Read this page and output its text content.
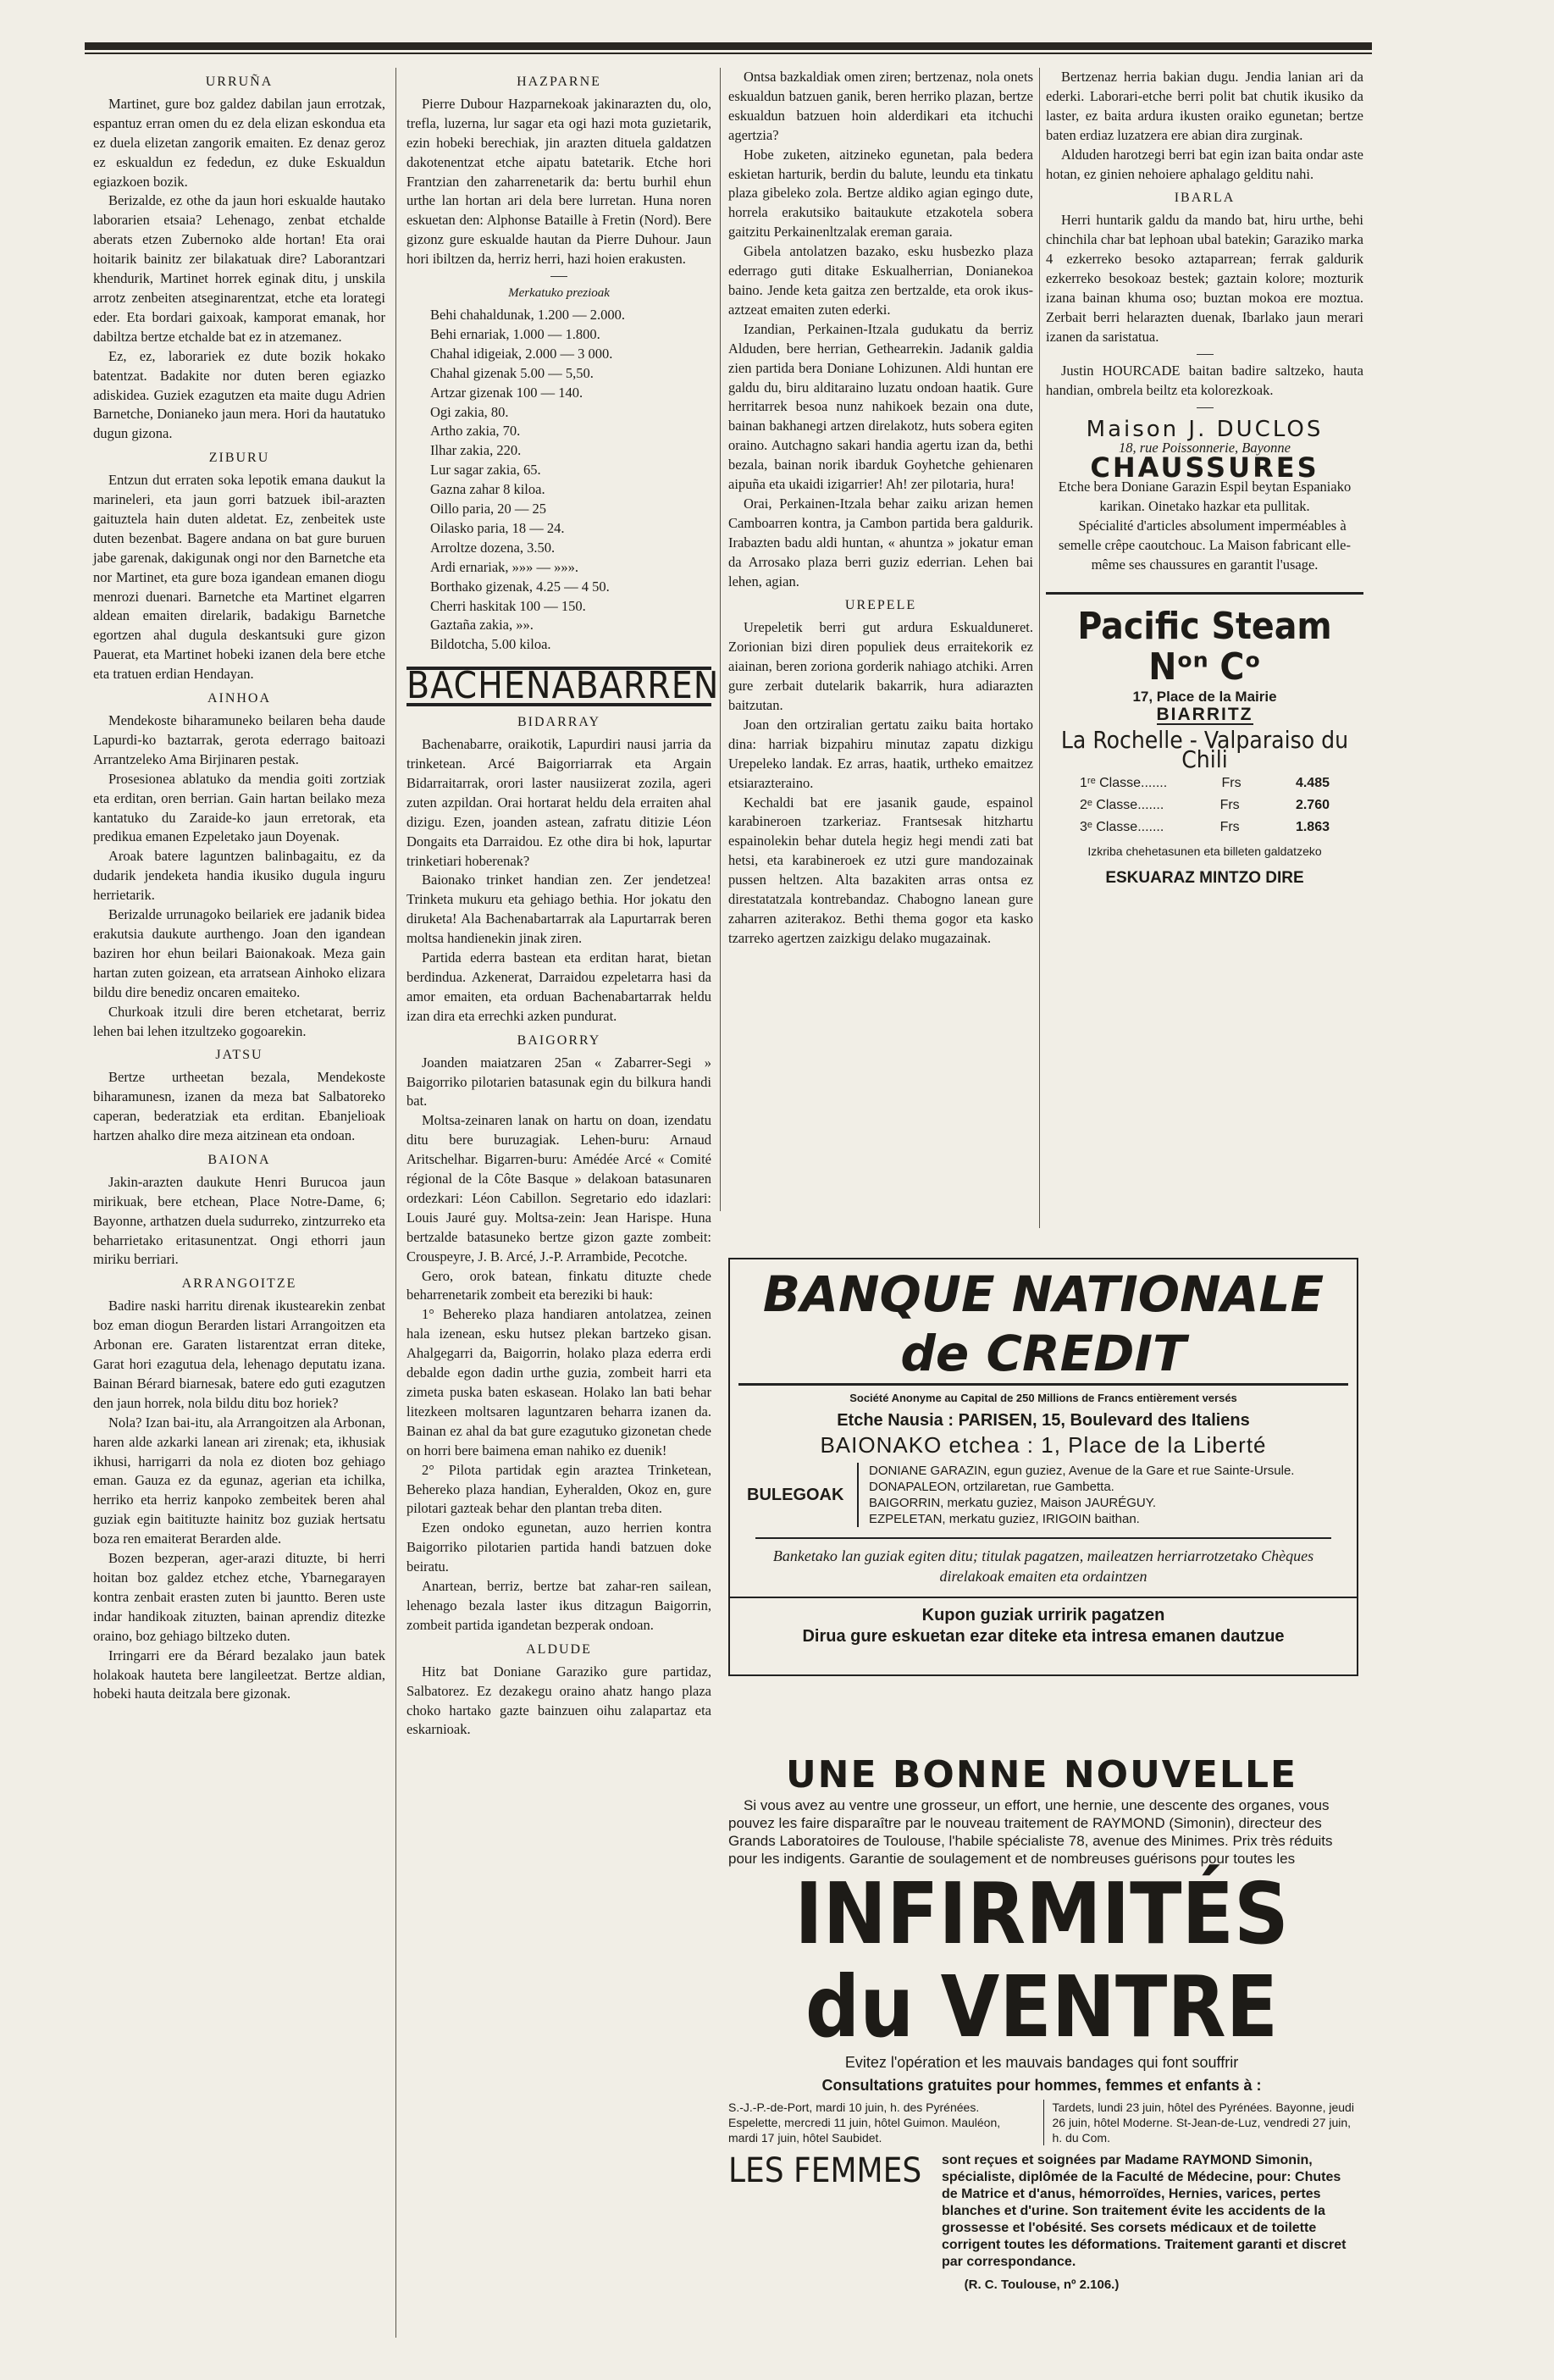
URRUÑA

Martinet, gure boz galdez dabilan jaun errotzak, espantuz erran omen du ez dela elizan eskondua eta ez duela elizetan zangorik emaiten. Ez denaz geroz ez eskualdun ez fededun, ez duke Eskualdun egiazkoen bozik.

Berizalde, ez othe da jaun hori eskualde hautako laborarien etsaia? Lehenago, zenbat etchalde aberats etzen Zubernoko alde hortan! Eta orai hoitarik bainitz zer bilakatuak dire? Laborantzari khendurik, Martinet horrek eginak ditu, j unskila arrotz zenbeiten atseginarentzat, etche eta lorategi eder. Eta bordari gaixoak, kamporat emanak, hor dabiltza bertze etchalde bat ez in atzemanez.

Ez, ez, laborariek ez dute bozik hokako batentzat. Badakite nor duten beren egiazko adiskidea. Guziek ezagutzen eta maite dugu Adrien Barnetche, Donianeko jaun mera. Hori da hautatuko dugun gizona.

ZIBURU

Entzun dut erraten soka lepotik emana daukut la marineleri, eta jaun gorri batzuek ibil-arazten gaituztela hain duten aldetat. Ez, zenbeitek uste duten bezenbat. Bagere andana on bat gure buruen jabe garenak, dakigunak ongi nor den Barnetche eta nor Martinet, eta gure boza igandean emanen diogu menrozi duenari. Barnetche eta Martinet elgarren aldean emaiten direlarik, badakigu Barnetche egortzen ahal dugula deskantsuki gure gizon Pauerat, eta Martinet hobeki izanen dela bere etche eta tratuen erdian Hendayan.

AINHOA

Mendekoste biharamuneko beilaren beha daude Lapurdi-ko baztarrak, gerota ederrago baitoazi Arrantzeleko Ama Birjinaren pestak.

Prosesionea ablatuko da mendia goiti zortziak eta erditan, oren berrian. Gain hartan beilako meza kantatuko du Zaraide-ko jaun erretorak, eta predikua emanen Ezpeletako jaun Doyenak.

Aroak batere laguntzen balinbagaitu, ez da dudarik jendeketa handia ikusiko dugula inguru herrietarik.

Berizalde urrunagoko beilariek ere jadanik bidea erakutsia daukute aurthengo. Joan den igandean baziren hor ehun beilari Baionakoak. Meza gain hartan zuten goizean, eta arratsean Ainhoko elizara bildu dire benediz oncaren emaiteko.

Churkoak itzuli dire beren etchetarat, berriz lehen bai lehen itzultzeko gogoarekin.

JATSU

Bertze urtheetan bezala, Mendekoste biharamunesn, izanen da meza bat Salbatoreko caperan, bederatziak eta erditan. Ebanjelioak hartzen ahalko dire meza aitzinean eta ondoan.

BAIONA

Jakin-arazten daukute Henri Burucoa jaun mirikuak, bere etchean, Place Notre-Dame, 6; Bayonne, arthatzen duela sudurreko, zintzurreko eta beharrietako eritasunentzat. Ongi ethorri jaun miriku berriari.

ARRANGOITZE

Badire naski harritu direnak ikustearekin zenbat boz eman diogun Berarden listari Arrangoitzen eta Arbonan ere. Garaten listarentzat erran diteke, Garat hori ezagutua dela, lehenago deputatu izana. Bainan Bérard biarnesak, batere edo guti ezagutzen den jaun horrek, nola bildu ditu boz horiek?

Nola? Izan bai-itu, ala Arrangoitzen ala Arbonan, haren alde azkarki lanean ari zirenak; eta, ikhusiak ikhusi, harrigarri da nola ez dioten boz gehiago eman. Gauza ez da egunaz, agerian eta ichilka, herriko eta herriz kanpoko zembeitek beren ahal guziak egin baitituzte hainitz boz guziak hertsatu boza ren emaiterat Berarden alde.

Bozen bezperan, ager-arazi dituzte, bi herri hoitan boz galdez etchez etche, Ybarnegarayen kontra zenbait erasten zuten bi jauntto. Beren uste indar handikoak zituzten, bainan aprendiz ditezke oraino, boz gehiago biltzeko duten.

Irringarri ere da Bérard bezalako jaun batek holakoak hauteta bere langileetzat. Bertze aldian, hobeki hauta deitzala bere gizonak.

HAZPARNE

Pierre Dubour Hazparnekoak jakinarazten du, olo, trefla, luzerna, lur sagar eta ogi hazi mota guzietarik, ezin hobeki berechiak, jin arazten dituela galdatzen dakotenentzat etche aipatu batetarik. Etche hori Frantzian den zaharrenetarik da: bertu burhil ehun urthe lan hortan ari dela bere lurretan. Huna noren eskuetan den: Alphonse Bataille à Fretin (Nord). Bere gizonz gure eskualde hautan da Pierre Duhour. Jaun hori ibiltzen da, herriz herri, hazi hoien erakusten.

Merkatuko prezioak

Behi chahaldunak, 1.200 — 2.000.

Behi ernariak, 1.000 — 1.800.

Chahal idigeiak, 2.000 — 3 000.

Chahal gizenak 5.00 — 5,50.

Artzar gizenak 100 — 140.

Ogi zakia, 80.

Artho zakia, 70.

Ilhar zakia, 220.

Lur sagar zakia, 65.

Gazna zahar 8 kiloa.

Oillo paria, 20 — 25

Oilasko paria, 18 — 24.

Arroltze dozena, 3.50.

Ardi ernariak, »»» — »»».

Borthako gizenak, 4.25 — 4 50.

Cherri haskitak 100 — 150.

Gaztaña zakia, »».

Bildotcha, 5.00 kiloa.

BACHENABARREN
BIDARRAY

Bachenabarre, oraikotik, Lapurdiri nausi jarria da trinketean. Arcé Baigorriarrak eta Argain Bidarraitarrak, orori laster nausiizerat zozila, ageri zuten azpildan. Orai hortarat heldu dela erraiten ahal dizigu. Ezen, joanden astean, zafratu ditizie Léon Dongaits eta Darraidou. Ez othe dira bi hok, lapurtar trinketiari hoberenak?

Baionako trinket handian zen. Zer jendetzea! Trinketa mukuru eta gehiago bethia. Hor jokatu den diruketa! Ala Bachenabartarrak ala Lapurtarrak beren moltsa handienekin jinak ziren.

Partida ederra bastean eta erditan harat, bietan berdindua. Azkenerat, Darraidou ezpeletarra hasi da amor emaiten, eta orduan Bachenabartarrak heldu izan dira eta errechki azken pundurat.

BAIGORRY

Joanden maiatzaren 25an « Zabarrer-Segi » Baigorriko pilotarien batasunak egin du bilkura handi bat.

Moltsa-zeinaren lanak on hartu on doan, izendatu ditu bere buruzagiak. Lehen-buru: Arnaud Aritschelhar. Bigarren-buru: Amédée Arcé « Comité régional de la Côte Basque » delakoan batasunaren ordezkari: Léon Cabillon. Segretario edo idazlari: Louis Jauré guy. Moltsa-zein: Jean Harispe. Huna bertzalde batasuneko bertze gizon gazte zombeit: Crouspeyre, J. B. Arcé, J.-P. Arrambide, Pecotche.

Gero, orok batean, finkatu dituzte chede beharrenetarik zombeit eta bereziki bi hauk:

1° Behereko plaza handiaren antolatzea, zeinen hala izenean, esku hutsez plekan bartzeko gisan. Ahalgegarri da, Baigorrin, holako plaza ederra erdi debalde egon dadin urthe guzia, zombeit harri eta zimeta puska baten eskasean. Holako lan bati behar litezkeen moltsaren laguntzaren beharra izanen da. Bainan ez ahal da bat gure ezagutuko gizonetan chede on horri bere baimena eman nahiko ez duenik!

2° Pilota partidak egin araztea Trinketean, Behereko plaza handian, Eyheralden, Okoz en, gure pilotari gazteak behar den plantan treba diten.

Ezen ondoko egunetan, auzo herrien kontra Baigorriko pilotarien partida handi batzuen doke beiratu.

Anartean, berriz, bertze bat zahar-ren sailean, lehenago bezala laster ikus ditzagun Baigorrin, zombeit partida igandetan bezperak ondoan.

ALDUDE

Hitz bat Doniane Garaziko gure partidaz, Salbatorez. Ez dezakegu oraino ahatz hango plaza choko hartako gazte bainzuen oihu zalapartaz eta eskarnioak.

Ontsa bazkaldiak omen ziren; bertzenaz, nola onets eskualdun batzuen ganik, beren herriko plazan, bertze eskualdun batzuen hoin alderdikari eta itchuchi agertzia?

Hobe zuketen, aitzineko egunetan, pala bedera eskietan harturik, berdin du balute, leundu eta tinkatu plaza gibeleko zola. Bertze aldiko agian egingo dute, horrela erakutsiko baitaukute etzakotela sobera gaitzitu Perkainenltzalak ereman garaia.

Gibela antolatzen bazako, esku husbezko plaza ederrago guti ditake Eskualherrian, Donianekoa baino. Jende keta gaitza zen bertzalde, eta orok ikus-aztzeat emaiten zuten ederki.

Izandian, Perkainen-Itzala gudukatu da berriz Alduden, bere herrian, Gethearrekin. Jadanik galdia zien partida bera Doniane Lohizunen. Aldi huntan ere galdu du, biru alditaraino luzatu ondoan haatik. Gure herritarrek besoa nunz nahikoek bezain ona dute, bainan bakhanegi artzen direlakotz, huts sobera egiten oraino. Autchagno sakari handia agertu izan da, bethi bezala, bainan norik ibarduk Goyhetche gehienaren aipuña eta ukaidi izigarrier! Ah! zer pilotaria, hura!

Orai, Perkainen-Itzala behar zaiku arizan hemen Camboarren kontra, ja Cambon partida bera galdurik. Irabazten badu aldi huntan, « ahuntza » jokatur eman da Arrosako plaza berri guziz ederrian. Lehen bai lehen, agian.

UREPELE

Urepeletik berri gut ardura Eskualduneret. Zorionian bizi diren populiek deus erraitekorik ez aiainan, beren zoriona gorderik nahiago atchiki. Arren gure zerbait dutelarik bakarrik, hura adiarazten baitzutan.

Joan den ortziralian gertatu zaiku baita hortako dina: harriak bizpahiru minutaz zapatu dizkigu Urepeleko landak. Ez arras, haatik, urtheko emaitzez etsiarazteraino.

Kechaldi bat ere jasanik gaude, espainol karabineroen tzarkeriaz. Frantsesak hitzhartu espainolekin behar dutela hegiz hegi mendi zati bat hetsi, eta karabineroek ez utzi gure mandozainak pussen heltzen. Alta bazakiten arras ontsa ez direstatatzala kontrebandaz. Chabogno lanean gure zaharren aziterakoz. Bethi thema gogor eta kasko tzarreko agertzen zaizkigu delako mugazainak.

Bertzenaz herria bakian dugu. Jendia lanian ari da ederki. Laborari-etche berri polit bat chutik ikusiko da laster, ez baita ardura ikusten oraiko egunetan; bertze baten erdiaz luzatzera ere abian dira zurginak.

Alduden harotzegi berri bat egin izan baita ondar aste hotan, ez ginien nehoiere aphalago gelditu nahi.

IBARLA

Herri huntarik galdu da mando bat, hiru urthe, behi chinchila char bat lephoan ubal batekin; Garaziko markа 4 ezkerreko besoko aztaparrean; ferrak galdurik ezkerreko besokoaz bestek; gaztain kolore; mozturik izana bainan khuma oso; buztan mokoa ere moztua. Zerbait berri helarazten duenak, Ibarlako jaun merari izanen da saristatua.

Justin HOURCADE baitan badire saltzeko, hauta handian, ombrela beiltz eta kolorezkoak.

Maison J. DUCLOS
18, rue Poissonnerie, Bayonne
CHAUSSURES

Etche bera Doniane Garazin Espil beytan Espaniako karikan. Oinetako hazkar eta pullitak.

Spécialité d'articles absolument imperméables à semelle crêpe caoutchouc. La Maison fabricant elle-même ses chaussures en garantit l'usage.

Pacific Steam Nᵒⁿ Cᵒ
17, Place de la Mairie
BIARRITZ
La Rochelle - Valparaiso du Chili
1ʳᵉ Classe.......	Frs	4.485
2ᵉ Classe.......	Frs	2.760
3ᵉ Classe.......	Frs	1.863
Izkriba chehetasunen eta billeten galdatzeko
ESKUARAZ MINTZO DIRE
BANQUE NATIONALE de CREDIT
Société Anonyme au Capital de 250 Millions de Francs entièrement versés
Etche Nausia : PARISEN, 15, Boulevard des Italiens
BAIONAKO etchea : 1, Place de la Liberté
BULEGOAK
DONIANE GARAZIN, egun guziez, Avenue de la Gare et rue Sainte-Ursule.
DONAPALEON, ortzilaretan, rue Gambetta.
BAIGORRIN, merkatu guziez, Maison JAURÉGUY.
EZPELETAN, merkatu guziez, IRIGOIN baithan.
Banketako lan guziak egiten ditu; titulak pagatzen, maileatzen herriarrotzetako Chèques direlakoak emaiten eta ordaintzen
Kupon guziak urririk pagatzen
Dirua gure eskuetan ezar diteke eta intresa emanen dautzue
UNE BONNE NOUVELLE

Si vous avez au ventre une grosseur, un effort, une hernie, une descente des organes, vous pouvez les faire disparaître par le nouveau traitement de RAYMOND (Simonin), directeur des Grands Laboratoires de Toulouse, l'habile spécialiste 78, avenue des Minimes. Prix très réduits pour les indigents. Garantie de soulagement et de nombreuses guérisons pour toutes les

INFIRMITÉS du VENTRE
Evitez l'opération et les mauvais bandages qui font souffrir
Consultations gratuites pour hommes, femmes et enfants à :
S.-J.-P.-de-Port, mardi 10 juin, h. des Pyrénées. Espelette, mercredi 11 juin, hôtel Guimon. Mauléon, mardi 17 juin, hôtel Saubidet.
Tardets, lundi 23 juin, hôtel des Pyrénées. Bayonne, jeudi 26 juin, hôtel Moderne. St-Jean-de-Luz, vendredi 27 juin, h. du Com.
LES FEMMES	sont reçues et soignées par Madame RAYMOND Simonin, spécialiste, diplômée de la Faculté de Médecine, pour: Chutes de Matrice et d'anus, hémorroïdes, Hernies, varices, pertes blanches et d'urine. Son traitement évite les accidents de la grossesse et l'obésité. Ses corsets médicaux et de toilette corrigent toutes les déformations. Traitement garanti et discret par correspondance.
(R. C. Toulouse, nº 2.106.)
